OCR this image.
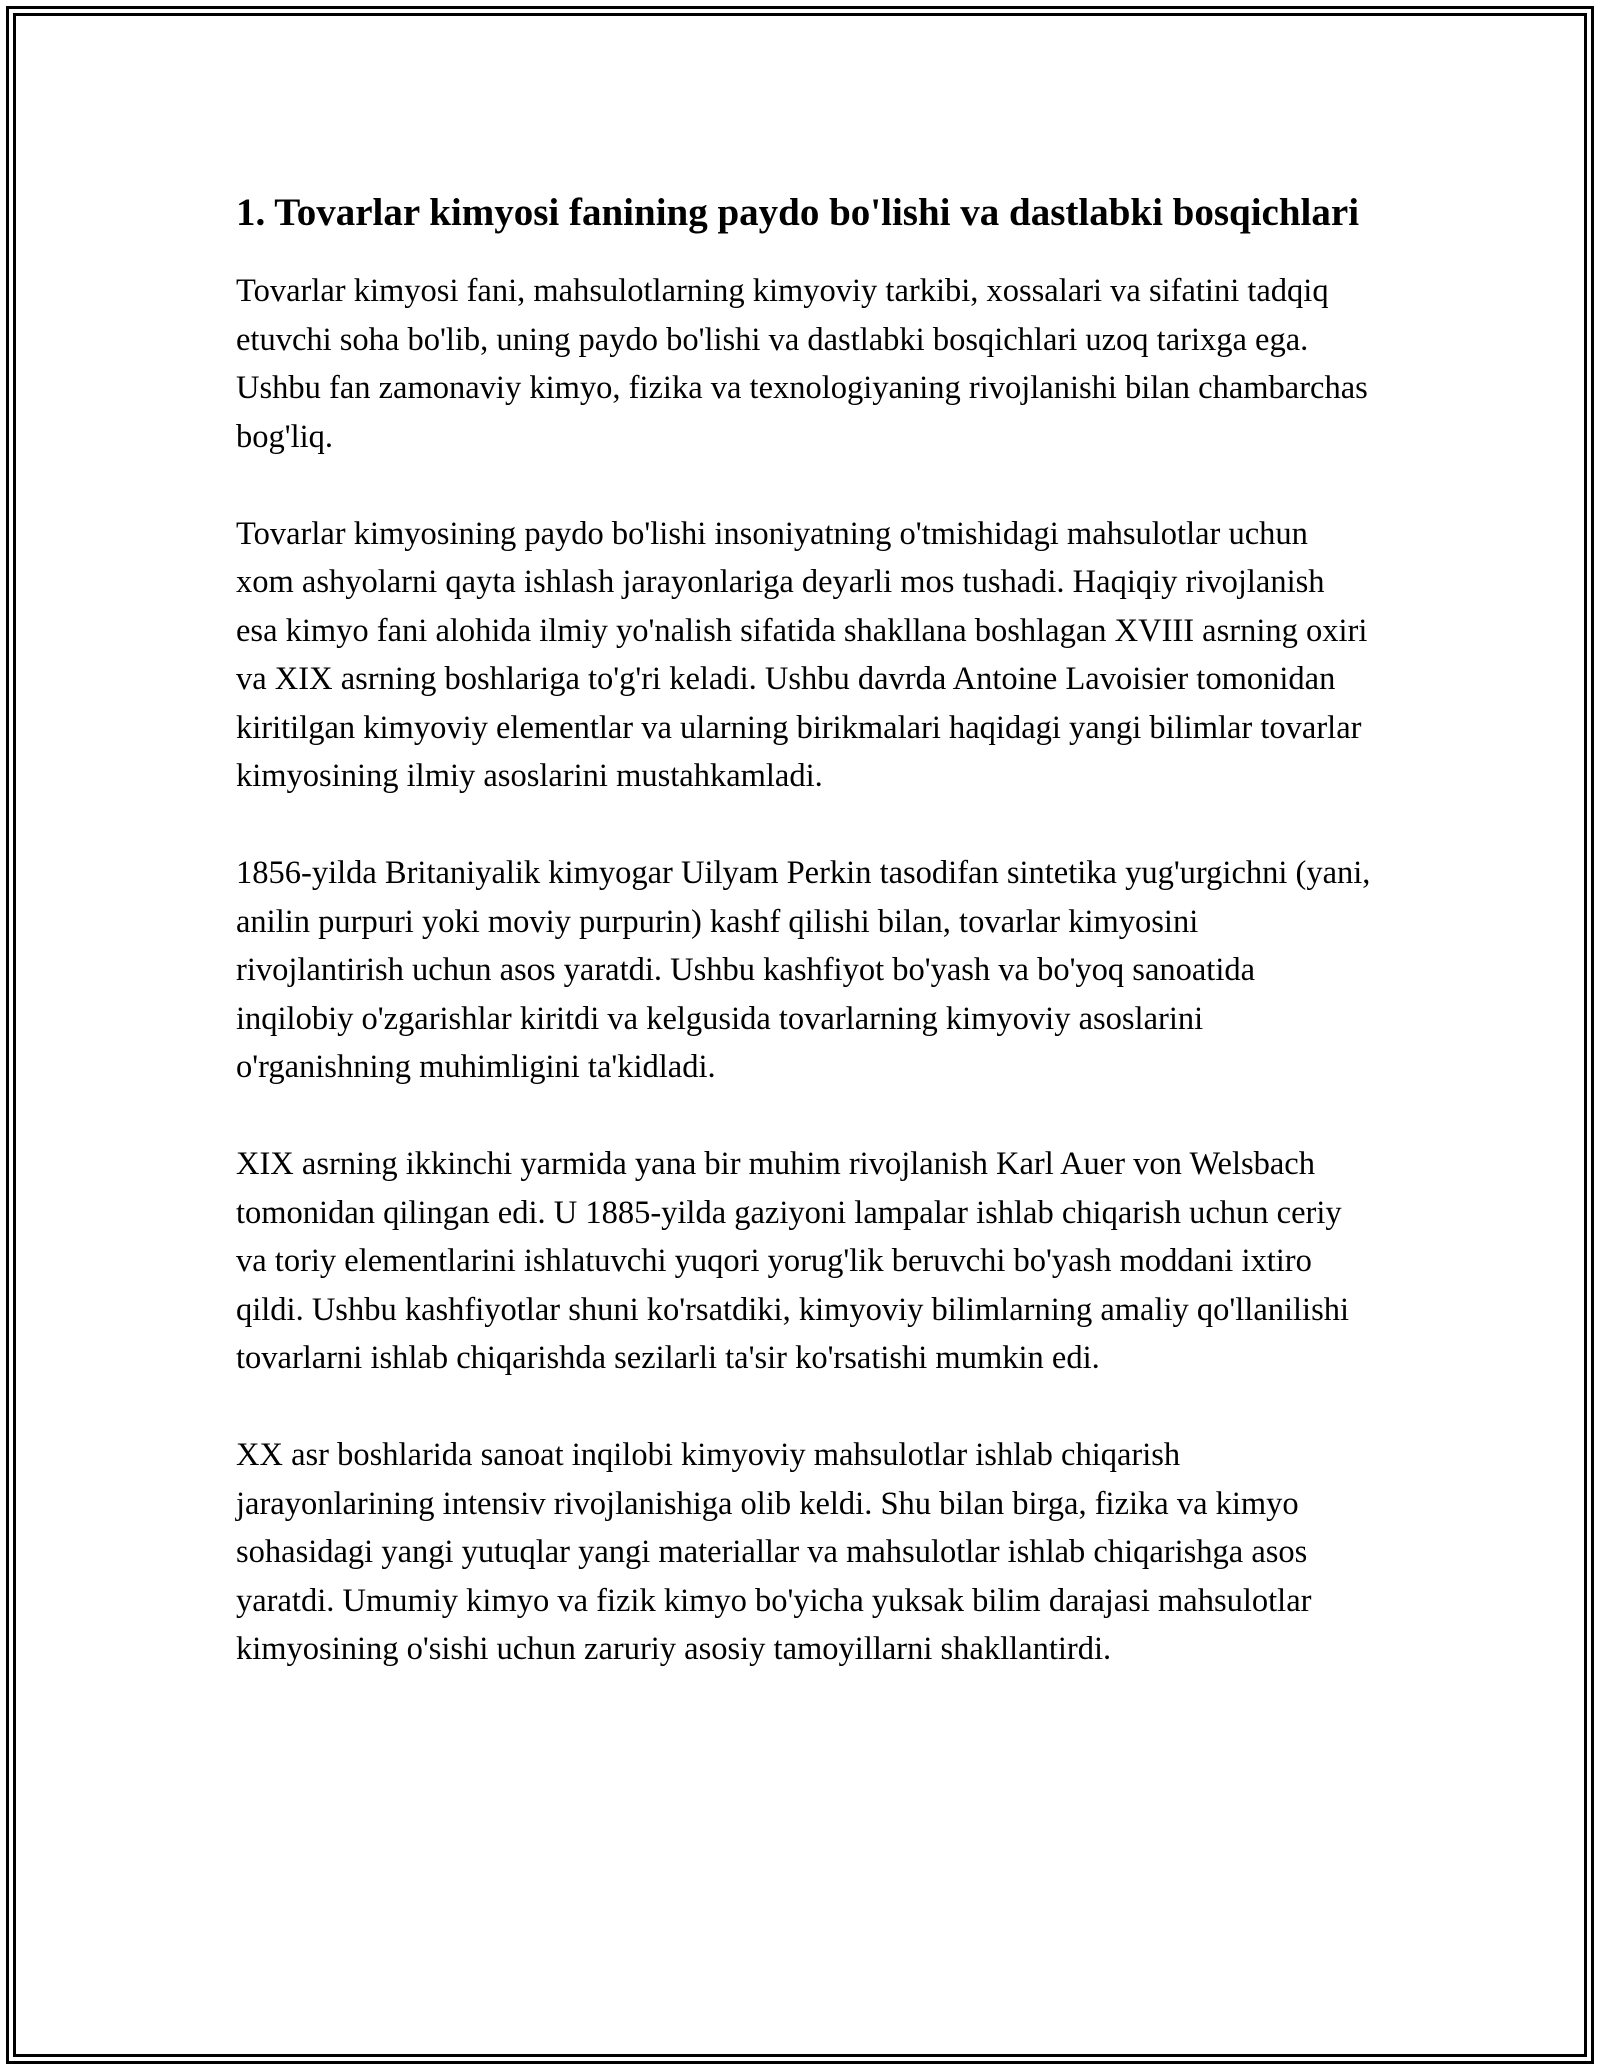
1. Tovarlar kimyosi fanining paydo bo'lishi va dastlabki bosqichlari

Tovarlar kimyosi fani, mahsulotlarning kimyoviy tarkibi, xossalari va sifatini tadqiq etuvchi soha bo'lib, uning paydo bo'lishi va dastlabki bosqichlari uzoq tarixga ega. Ushbu fan zamonaviy kimyo, fizika va texnologiyaning rivojlanishi bilan chambarchas bog'liq.

Tovarlar kimyosining paydo bo'lishi insoniyatning o'tmishidagi mahsulotlar uchun xom ashyolarni qayta ishlash jarayonlariga deyarli mos tushadi. Haqiqiy rivojlanish esa kimyo fani alohida ilmiy yo'nalish sifatida shakllana boshlagan XVIII asrning oxiri va XIX asrning boshlariga to'g'ri keladi. Ushbu davrda Antoine Lavoisier tomonidan kiritilgan kimyoviy elementlar va ularning birikmalari haqidagi yangi bilimlar tovarlar kimyosining ilmiy asoslarini mustahkamladi.

1856-yilda Britaniyalik kimyogar Uilyam Perkin tasodifan sintetika yug'urgichni (yani, anilin purpuri yoki moviy purpurin) kashf qilishi bilan, tovarlar kimyosini rivojlantirish uchun asos yaratdi. Ushbu kashfiyot bo'yash va bo'yoq sanoatida inqilobiy o'zgarishlar kiritdi va kelgusida tovarlarning kimyoviy asoslarini o'rganishning muhimligini ta'kidladi.

XIX asrning ikkinchi yarmida yana bir muhim rivojlanish Karl Auer von Welsbach tomonidan qilingan edi. U 1885-yilda gaziyoni lampalar ishlab chiqarish uchun ceriy va toriy elementlarini ishlatuvchi yuqori yorug'lik beruvchi bo'yash moddani ixtiro qildi. Ushbu kashfiyotlar shuni ko'rsatdiki, kimyoviy bilimlarning amaliy qo'llanilishi tovarlarni ishlab chiqarishda sezilarli ta'sir ko'rsatishi mumkin edi.

XX asr boshlarida sanoat inqilobi kimyoviy mahsulotlar ishlab chiqarish jarayonlarining intensiv rivojlanishiga olib keldi. Shu bilan birga, fizika va kimyo sohasidagi yangi yutuqlar yangi materiallar va mahsulotlar ishlab chiqarishga asos yaratdi. Umumiy kimyo va fizik kimyo bo'yicha yuksak bilim darajasi mahsulotlar kimyosining o'sishi uchun zaruriy asosiy tamoyillarni shakllantirdi.
